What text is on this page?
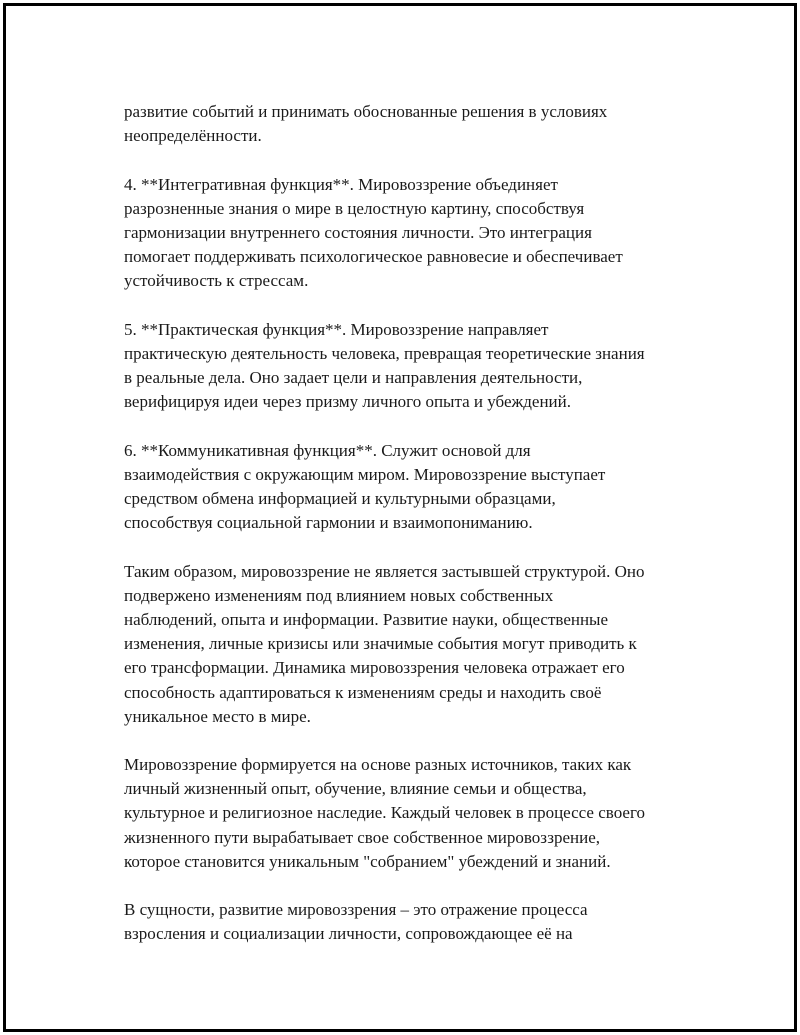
развитие событий и принимать обоснованные решения в условиях
неопределённости.
4. **Интегративная функция**. Мировоззрение объединяет
разрозненные знания о мире в целостную картину, способствуя
гармонизации внутреннего состояния личности. Это интеграция
помогает поддерживать психологическое равновесие и обеспечивает
устойчивость к стрессам.
5. **Практическая функция**. Мировоззрение направляет
практическую деятельность человека, превращая теоретические знания
в реальные дела. Оно задает цели и направления деятельности,
верифицируя идеи через призму личного опыта и убеждений.
6. **Коммуникативная функция**. Служит основой для
взаимодействия с окружающим миром. Мировоззрение выступает
средством обмена информацией и культурными образцами,
способствуя социальной гармонии и взаимопониманию.
Таким образом, мировоззрение не является застывшей структурой. Оно
подвержено изменениям под влиянием новых собственных
наблюдений, опыта и информации. Развитие науки, общественные
изменения, личные кризисы или значимые события могут приводить к
его трансформации. Динамика мировоззрения человека отражает его
способность адаптироваться к изменениям среды и находить своё
уникальное место в мире.
Мировоззрение формируется на основе разных источников, таких как
личный жизненный опыт, обучение, влияние семьи и общества,
культурное и религиозное наследие. Каждый человек в процессе своего
жизненного пути вырабатывает свое собственное мировоззрение,
которое становится уникальным "собранием" убеждений и знаний.
В сущности, развитие мировоззрения – это отражение процесса
взросления и социализации личности, сопровождающее её на
